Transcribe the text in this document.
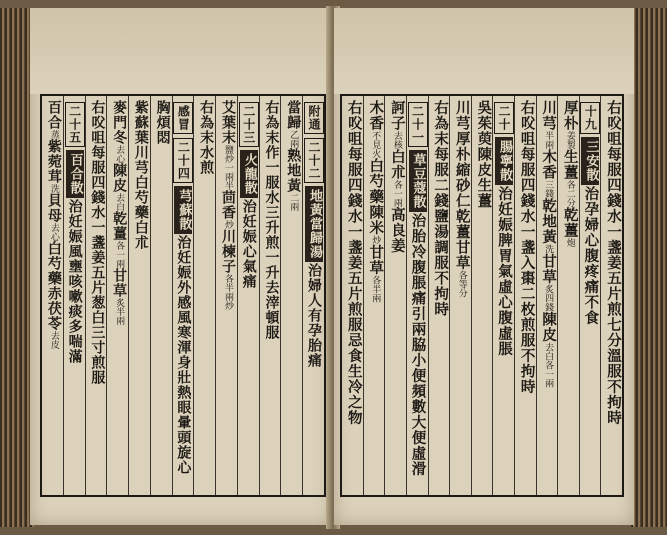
附通二十二地黃當歸湯治婦人有孕胎痛
當歸乙兩熟地黃二兩
右為末作一服水三升煎一升去滓頓服
二十三火龍散治妊娠心氣痛
艾葉末鹽炒一兩半茴香炒川楝子各半兩炒
右為末水煎
感冒二十四芎蘇散治妊娠外感風寒渾身壯熱眼暈頭旋心
胸煩悶
紫蘇葉川芎白芍藥白朮
麥門冬去心陳皮去白乾薑各一兩甘草炙半兩
右㕮咀每服四錢水一盞姜五片葱白三寸煎服
二十五百合散治妊娠風壅咳嗽痰多喘滿
百合蒸紫菀茸洗貝母去心白芍藥赤茯苓去皮	右㕮咀每服四錢水一盞姜五片煎七分溫服不拘時
十九三安散治孕婦心腹疼痛不食
厚朴姜製生薑各二分乾薑炮
川芎半兩木香三錢乾地黃洗甘草炙四錢陳皮去白各一兩
右㕮咀每服四錢水一盞入棗二枚煎服不拘時
二十腸寧散治妊娠脾胃氣虛心腹虛脹
吳茱萸陳皮生薑
川芎厚朴縮砂仁乾薑甘草各等分
右為末每服二錢鹽湯調服不拘時
二十一草豆蔻散治胎冷腹脹痛引兩脇小便頻數大便虛滑
訶子去核白朮各一兩高良姜
木香不見火白芍藥陳米炒甘草各半兩
右㕮咀每服四錢水一盞姜五片煎服忌食生冷之物
